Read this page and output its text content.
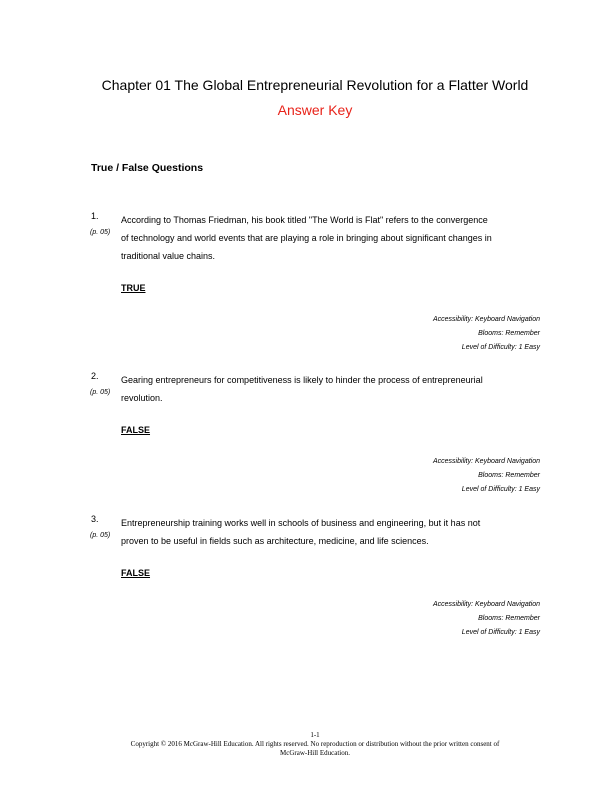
Chapter 01 The Global Entrepreneurial Revolution for a Flatter World
Answer Key
True / False Questions
1.
(p. 05)
According to Thomas Friedman, his book titled "The World is Flat" refers to the convergence
of technology and world events that are playing a role in bringing about significant changes in
traditional value chains.
TRUE
Accessibility: Keyboard Navigation
Blooms: Remember
Level of Difficulty: 1 Easy
2.
(p. 05)
Gearing entrepreneurs for competitiveness is likely to hinder the process of entrepreneurial
revolution.
FALSE
Accessibility: Keyboard Navigation
Blooms: Remember
Level of Difficulty: 1 Easy
3.
(p. 05)
Entrepreneurship training works well in schools of business and engineering, but it has not
proven to be useful in fields such as architecture, medicine, and life sciences.
FALSE
Accessibility: Keyboard Navigation
Blooms: Remember
Level of Difficulty: 1 Easy
1-1
Copyright © 2016 McGraw-Hill Education. All rights reserved. No reproduction or distribution without the prior written consent of
McGraw-Hill Education.
